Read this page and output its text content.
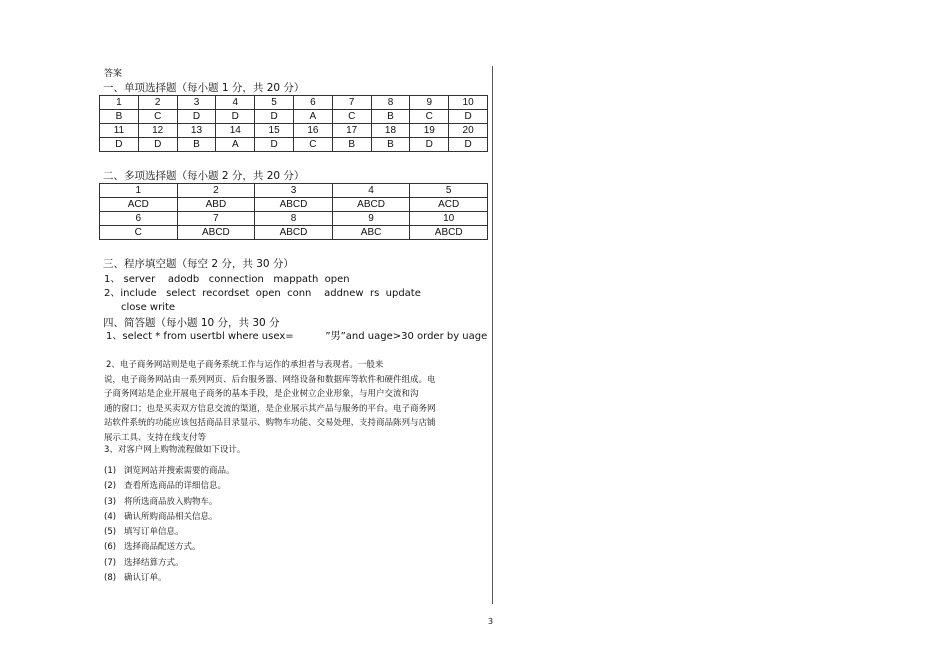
答案
一、单项选择题（每小题 1 分，共 20 分）
1	2	3	4	5	6	7	8	9	10
B	C	D	D	D	A	C	B	C	D
11	12	13	14	15	16	17	18	19	20
D	D	B	A	D	C	B	B	D	D
二、多项选择题（每小题 2 分，共 20 分）
1	2	3	4	5
ACD	ABD	ABCD	ABCD	ACD
6	7	8	9	10
C	ABCD	ABCD	ABC	ABCD
三、程序填空题（每空 2 分，共 30 分）
1、 server    adodb   connection   mappath  open
2、include   select  recordset  open  conn    addnew  rs  update
close write
四、简答题（每小题 10 分，共 30 分
1、select * from usertbl where usex=          ”男”and uage>30 order by uage
2、电子商务网站则是电子商务系统工作与运作的承担者与表现者。一般来
说，电子商务网站由一系列网页、后台服务器、网络设备和数据库等软件和硬件组成。电
子商务网站是企业开展电子商务的基本手段，是企业树立企业形象，与用户交流和沟
通的窗口；也是买卖双方信息交流的渠道，是企业展示其产品与服务的平台。电子商务网
站软件系统的功能应该包括商品目录显示、购物车功能、交易处理、支持商品陈列与店铺
展示工具、支持在线支付等
3、对客户网上购物流程做如下设计。
(1) 浏览网站并搜索需要的商品。
(2) 查看所选商品的详细信息。
(3) 将所选商品放入购物车。
(4) 确认所购商品相关信息。
(5) 填写订单信息。
(6) 选择商品配送方式。
(7) 选择结算方式。
(8) 确认订单。
3
